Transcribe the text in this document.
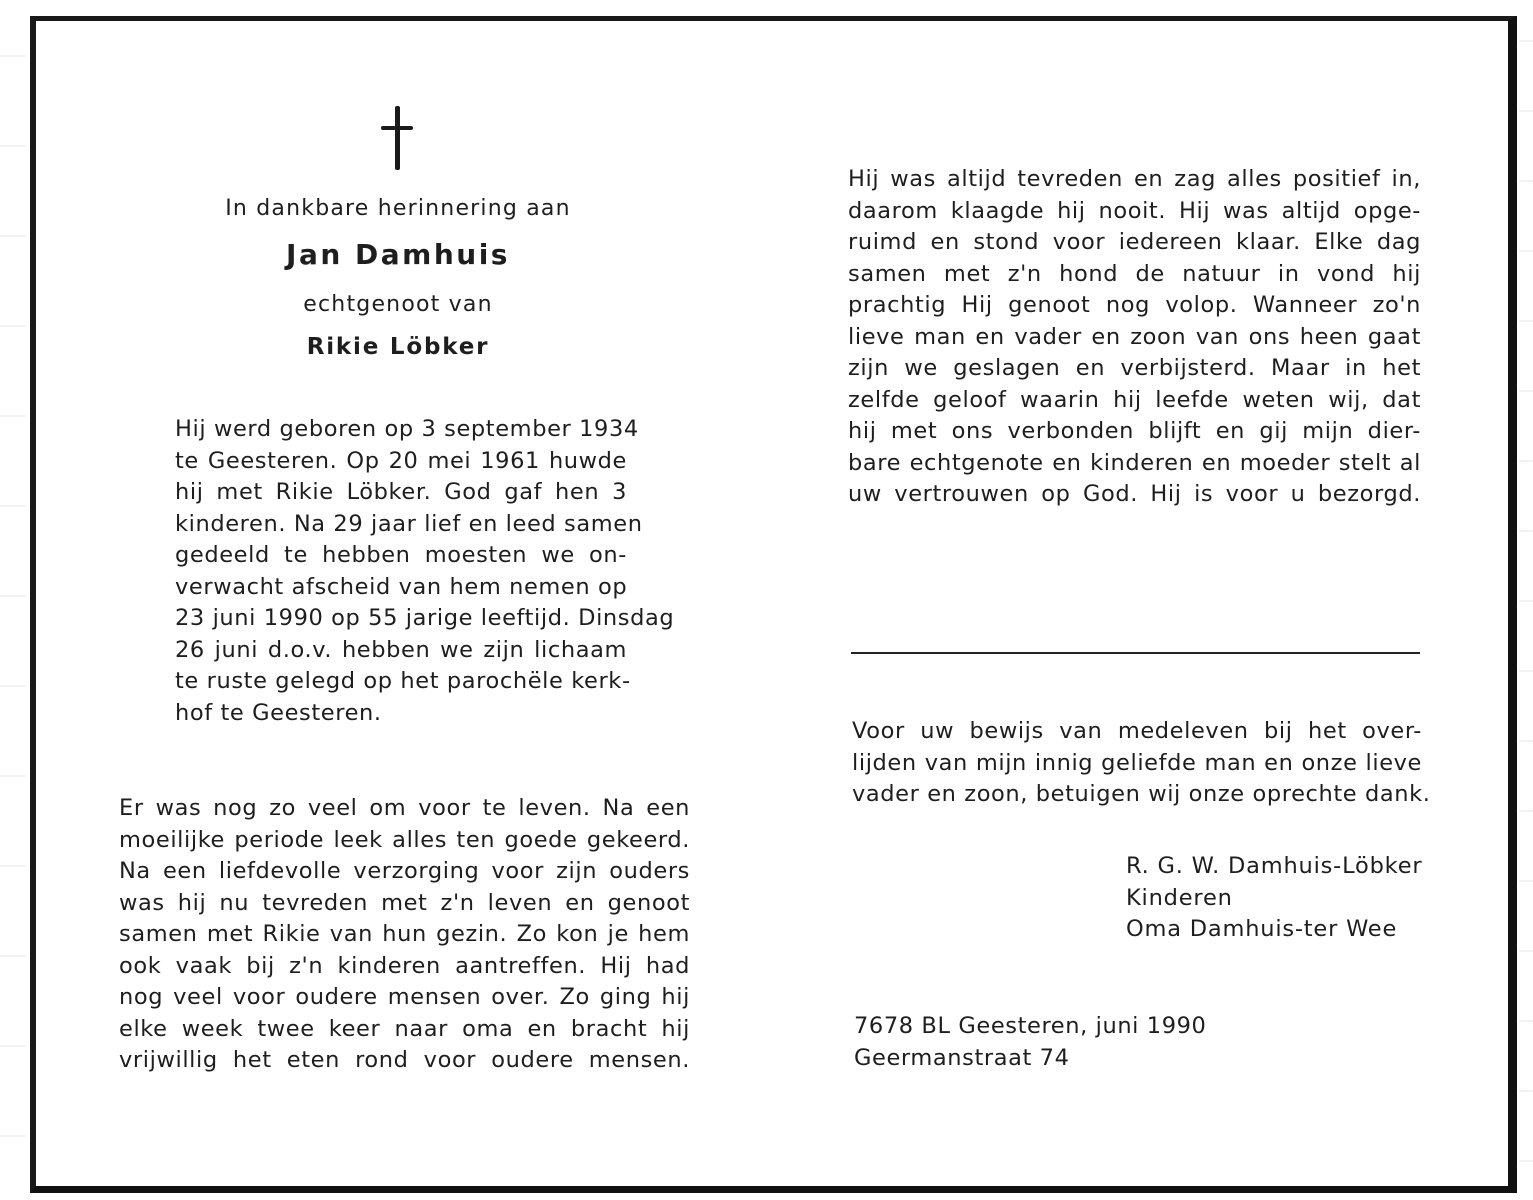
In dankbare herinnering aan
Jan Damhuis
echtgenoot van
Rikie Löbker

Hij werd geboren op 3 september 1934
te Geesteren. Op 20 mei 1961 huwde
hij met Rikie Löbker. God gaf hen 3
kinderen. Na 29 jaar lief en leed samen
gedeeld te hebben moesten we on-
verwacht afscheid van hem nemen op
23 juni 1990 op 55 jarige leeftijd. Dinsdag
26 juni d.o.v. hebben we zijn lichaam
te ruste gelegd op het parochële kerk-
hof te Geesteren.

Er was nog zo veel om voor te leven. Na een
moeilijke periode leek alles ten goede gekeerd.
Na een liefdevolle verzorging voor zijn ouders
was hij nu tevreden met z'n leven en genoot
samen met Rikie van hun gezin. Zo kon je hem
ook vaak bij z'n kinderen aantreffen. Hij had
nog veel voor oudere mensen over. Zo ging hij
elke week twee keer naar oma en bracht hij
vrijwillig het eten rond voor oudere mensen.

Hij was altijd tevreden en zag alles positief in,
daarom klaagde hij nooit. Hij was altijd opge-
ruimd en stond voor iedereen klaar. Elke dag
samen met z'n hond de natuur in vond hij
prachtig Hij genoot nog volop. Wanneer zo'n
lieve man en vader en zoon van ons heen gaat
zijn we geslagen en verbijsterd. Maar in het
zelfde geloof waarin hij leefde weten wij, dat
hij met ons verbonden blijft en gij mijn dier-
bare echtgenote en kinderen en moeder stelt al
uw vertrouwen op God. Hij is voor u bezorgd.

Voor uw bewijs van medeleven bij het over-
lijden van mijn innig geliefde man en onze lieve
vader en zoon, betuigen wij onze oprechte dank.

R. G. W. Damhuis-Löbker
Kinderen
Oma Damhuis-ter Wee
7678 BL Geesteren, juni 1990
Geermanstraat 74
